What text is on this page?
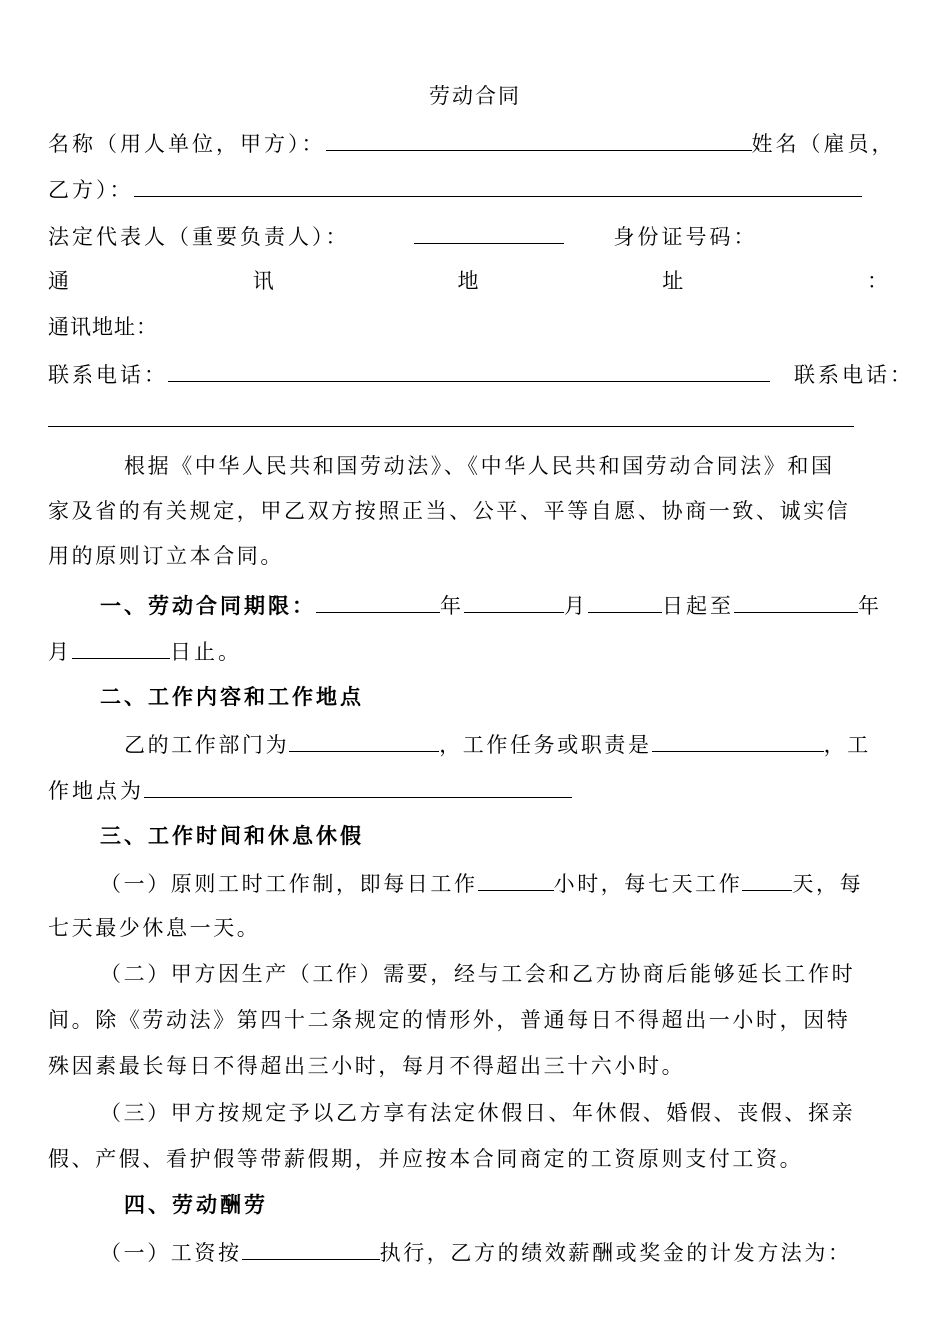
劳动合同
名称（用人单位，甲方）：	姓名（雇员，
乙方）：
法定代表人（重要负责人）：	身份证号码：
通	讯	地	址	：
通讯地址：
联系电话：	联系电话：
根据《中华人民共和国劳动法》、《中华人民共和国劳动合同法》和国
家及省的有关规定，甲乙双方按照正当、公平、平等自愿、协商一致、诚实信
用的原则订立本合同。
一、劳动合同期限：	年	月	日起至	年
月	日止。
二、工作内容和工作地点
乙的工作部门为	，工作任务或职责是	，工
作地点为
三、工作时间和休息休假
（一）原则工时工作制，即每日工作	小时，每七天工作 天，每
七天最少休息一天。
（二）甲方因生产（工作）需要，经与工会和乙方协商后能够延长工作时
间。除《劳动法》第四十二条规定的情形外，普通每日不得超出一小时，因特
殊因素最长每日不得超出三小时，每月不得超出三十六小时。
（三）甲方按规定予以乙方享有法定休假日、年休假、婚假、丧假、探亲
假、产假、看护假等带薪假期，并应按本合同商定的工资原则支付工资。
四、劳动酬劳
（一）工资按	执行，乙方的绩效薪酬或奖金的计发方法为：
